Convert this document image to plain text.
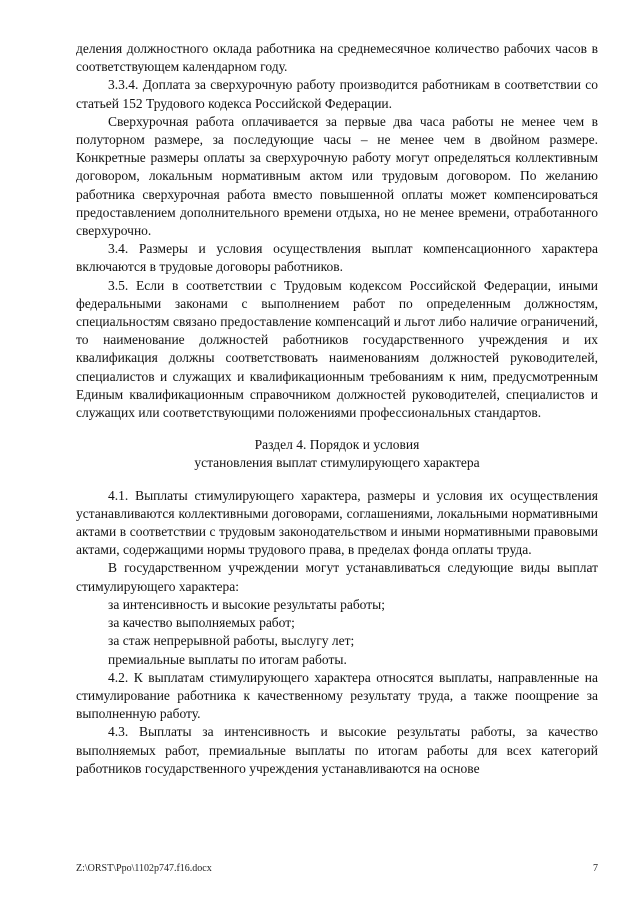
деления должностного оклада работника на среднемесячное количество рабочих часов в соответствующем календарном году.

3.3.4. Доплата за сверхурочную работу производится работникам в соответствии со статьей 152 Трудового кодекса Российской Федерации.

Сверхурочная работа оплачивается за первые два часа работы не менее чем в полуторном размере, за последующие часы – не менее чем в двойном размере. Конкретные размеры оплаты за сверхурочную работу могут определяться коллективным договором, локальным нормативным актом или трудовым договором. По желанию работника сверхурочная работа вместо повышенной оплаты может компенсироваться предоставлением дополнительного времени отдыха, но не менее времени, отработанного сверхурочно.

3.4. Размеры и условия осуществления выплат компенсационного характера включаются в трудовые договоры работников.

3.5. Если в соответствии с Трудовым кодексом Российской Федерации, иными федеральными законами с выполнением работ по определенным должностям, специальностям связано предоставление компенсаций и льгот либо наличие ограничений, то наименование должностей работников государственного учреждения и их квалификация должны соответствовать наименованиям должностей руководителей, специалистов и служащих и квалификационным требованиям к ним, предусмотренным Единым квалификационным справочником должностей руководителей, специалистов и служащих или соответствующими положениями профессиональных стандартов.

Раздел 4. Порядок и условия

установления выплат стимулирующего характера

4.1. Выплаты стимулирующего характера, размеры и условия их осуществления устанавливаются коллективными договорами, соглашениями, локальными нормативными актами в соответствии с трудовым законодательством и иными нормативными правовыми актами, содержащими нормы трудового права, в пределах фонда оплаты труда.

В государственном учреждении могут устанавливаться следующие виды выплат стимулирующего характера:

за интенсивность и высокие результаты работы;

за качество выполняемых работ;

за стаж непрерывной работы, выслугу лет;

премиальные выплаты по итогам работы.

4.2. К выплатам стимулирующего характера относятся выплаты, направленные на стимулирование работника к качественному результату труда, а также поощрение за выполненную работу.

4.3. Выплаты за интенсивность и высокие результаты работы, за качество выполняемых работ, премиальные выплаты по итогам работы для всех категорий работников государственного учреждения устанавливаются на основе

Z:\ORST\Ppo\1102p747.f16.docx	7
